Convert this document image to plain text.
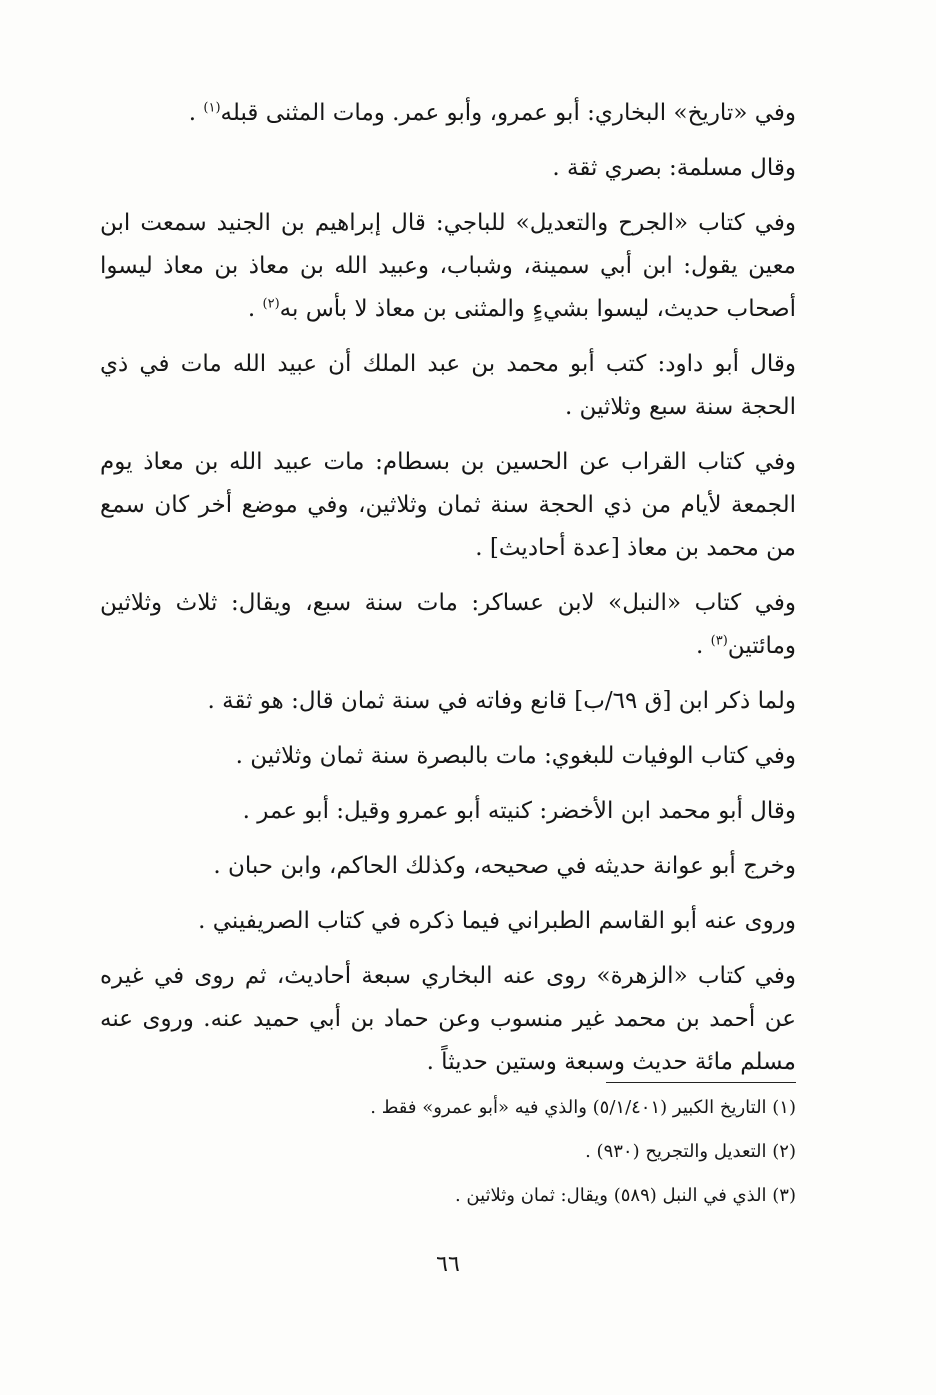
وفي «تاريخ» البخاري: أبو عمرو، وأبو عمر. ومات المثنى قبله$^{(١)}$ .
وقال مسلمة: بصري ثقة .
وفي كتاب «الجرح والتعديل» للباجي: قال إبراهيم بن الجنيد سمعت ابن معين يقول: ابن أبي سمينة، وشباب، وعبيد الله بن معاذ بن معاذ ليسوا أصحاب حديث، ليسوا بشيءٍ والمثنى بن معاذ لا بأس به$^{(٢)}$ .
وقال أبو داود: كتب أبو محمد بن عبد الملك أن عبيد الله مات في ذي الحجة سنة سبع وثلاثين .
وفي كتاب القراب عن الحسين بن بسطام: مات عبيد الله بن معاذ يوم الجمعة لأيام من ذي الحجة سنة ثمان وثلاثين، وفي موضع أخر كان سمع من محمد بن معاذ [عدة أحاديث] .
وفي كتاب «النبل» لابن عساكر: مات سنة سبع، ويقال: ثلاث وثلاثين ومائتين$^{(٣)}$ .
ولما ذكر ابن [ق ٦٩/ب] قانع وفاته في سنة ثمان قال: هو ثقة .
وفي كتاب الوفيات للبغوي: مات بالبصرة سنة ثمان وثلاثين .
وقال أبو محمد ابن الأخضر: كنيته أبو عمرو وقيل: أبو عمر .
وخرج أبو عوانة حديثه في صحيحه، وكذلك الحاكم، وابن حبان .
وروى عنه أبو القاسم الطبراني فيما ذكره في كتاب الصريفيني .
وفي كتاب «الزهرة» روى عنه البخاري سبعة أحاديث، ثم روى في غيره عن أحمد بن محمد غير منسوب وعن حماد بن أبي حميد عنه. وروى عنه مسلم مائة حديث وسبعة وستين حديثاً .
(١) التاريخ الكبير (٥/١/٤٠١) والذي فيه «أبو عمرو» فقط .
(٢) التعديل والتجريح (٩٣٠) .
(٣) الذي في النبل (٥٨٩) ويقال: ثمان وثلاثين .
٦٦
